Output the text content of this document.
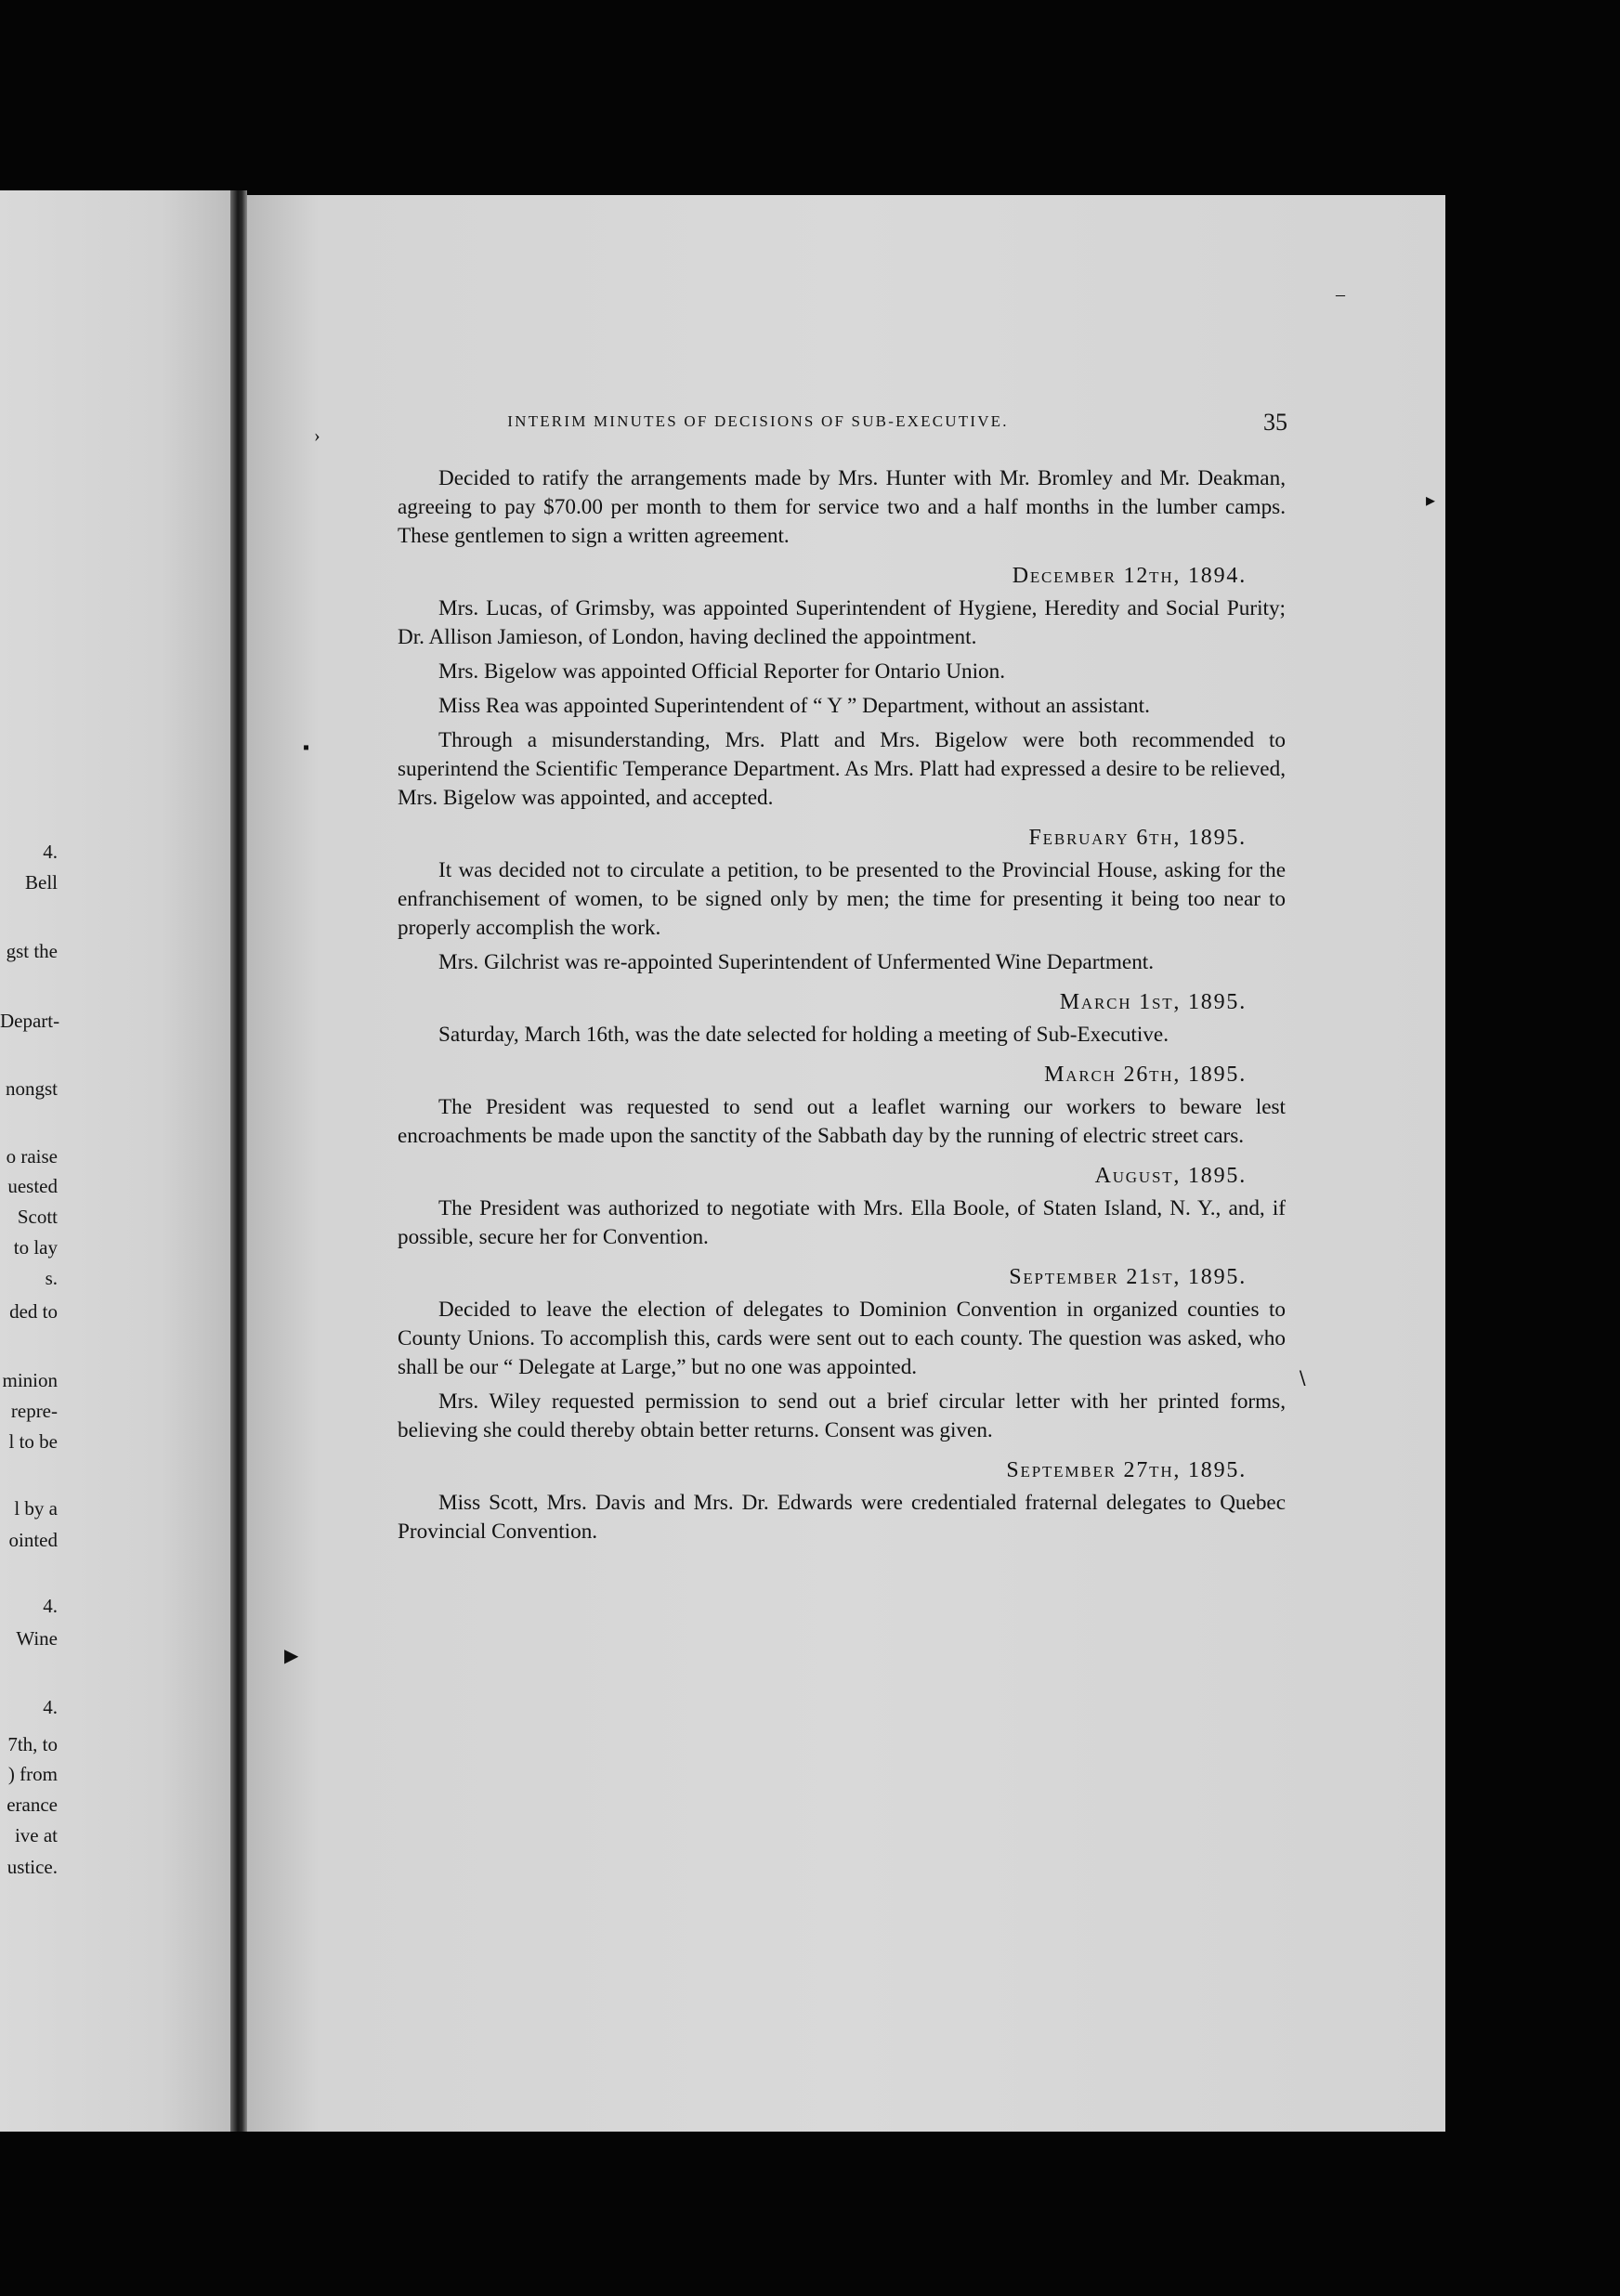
4.
Bell
gst the
Depart-
nongst
o raise
uested
Scott
to lay
s.
ded to
minion
repre-
l to be
l by a
ointed
4.
Wine
4.
7th, to
) from
erance
ive at
ustice.
INTERIM MINUTES OF DECISIONS OF SUB-EXECUTIVE.	35

Decided to ratify the arrangements made by Mrs. Hunter with Mr. Bromley and Mr. Deakman, agreeing to pay $70.00 per month to them for service two and a half months in the lumber camps. These gentlemen to sign a written agreement.

December 12th, 1894.

Mrs. Lucas, of Grimsby, was appointed Superintendent of Hygiene, Heredity and Social Purity; Dr. Allison Jamieson, of London, having declined the appointment.

Mrs. Bigelow was appointed Official Reporter for Ontario Union.

Miss Rea was appointed Superintendent of “ Y ” Department, without an assistant.

Through a misunderstanding, Mrs. Platt and Mrs. Bigelow were both recommended to superintend the Scientific Temperance Department. As Mrs. Platt had expressed a desire to be relieved, Mrs. Bigelow was appointed, and accepted.

February 6th, 1895.

It was decided not to circulate a petition, to be presented to the Provincial House, asking for the enfranchisement of women, to be signed only by men; the time for presenting it being too near to properly accomplish the work.

Mrs. Gilchrist was re-appointed Superintendent of Unfermented Wine Department.

March 1st, 1895.

Saturday, March 16th, was the date selected for holding a meeting of Sub-Executive.

March 26th, 1895.

The President was requested to send out a leaflet warning our workers to beware lest encroachments be made upon the sanctity of the Sabbath day by the running of electric street cars.

August, 1895.

The President was authorized to negotiate with Mrs. Ella Boole, of Staten Island, N. Y., and, if possible, secure her for Convention.

September 21st, 1895.

Decided to leave the election of delegates to Dominion Convention in organized counties to County Unions. To accomplish this, cards were sent out to each county. The question was asked, who shall be our “ Delegate at Large,” but no one was appointed.

Mrs. Wiley requested permission to send out a brief circular letter with her printed forms, believing she could thereby obtain better returns. Consent was given.

September 27th, 1895.

Miss Scott, Mrs. Davis and Mrs. Dr. Edwards were credentialed fraternal delegates to Quebec Provincial Convention.

‒
›
▸
▪
∖
▶
